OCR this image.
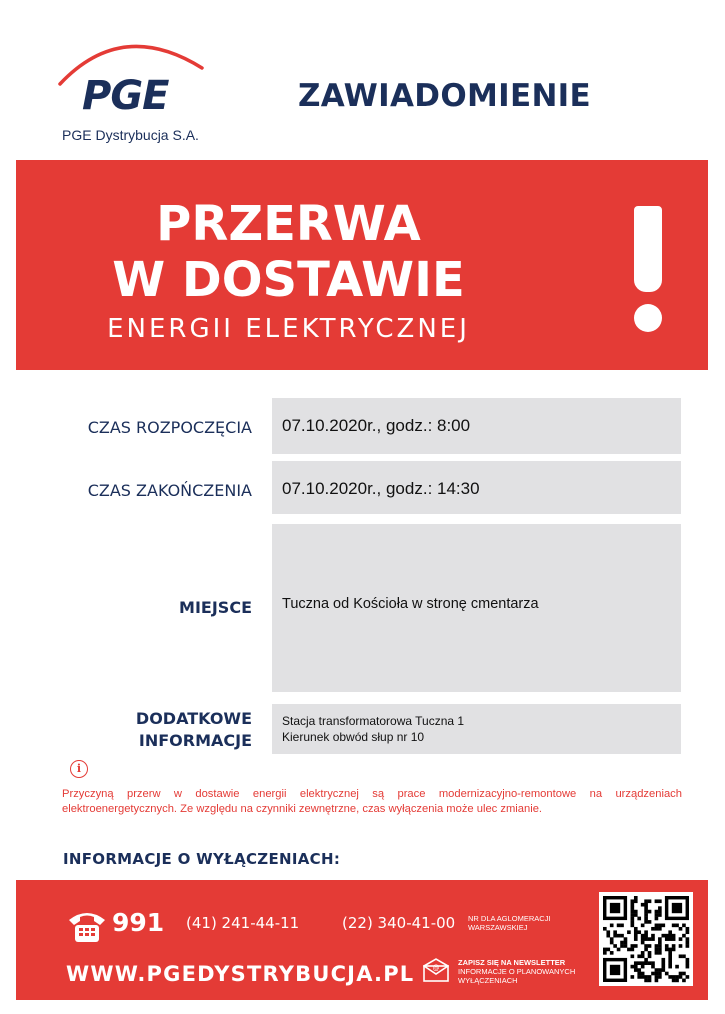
PGE
PGE Dystrybucja S.A.
ZAWIADOMIENIE
PRZERWA
W DOSTAWIE
ENERGII ELEKTRYCZNEJ
CZAS ROZPOCZĘCIA 07.10.2020r., godz.: 8:00
CZAS ZAKOŃCZENIA 07.10.2020r., godz.: 14:30
MIEJSCE Tuczna od Kościoła w stronę cmentarza
DODATKOWE
INFORMACJE
Stacja transformatorowa Tuczna 1
Kierunek obwód słup nr 10
i
Przyczyną przerw w dostawie energii elektrycznej są prace modernizacyjno-remontowe na urządzeniach elektroenergetycznych. Ze względu na czynniki zewnętrzne, czas wyłączenia może ulec zmianie.
INFORMACJE O WYŁĄCZENIACH:
991 (41) 241-44-11	(22) 340-41-00 NR DLA AGLOMERACJI WARSZAWSKIEJ
WWW.PGEDYSTRYBUCJA.PL	@
ZAPISZ SIĘ NA NEWSLETTER
INFORMACJE O PLANOWANYCH WYŁĄCZENIACH
